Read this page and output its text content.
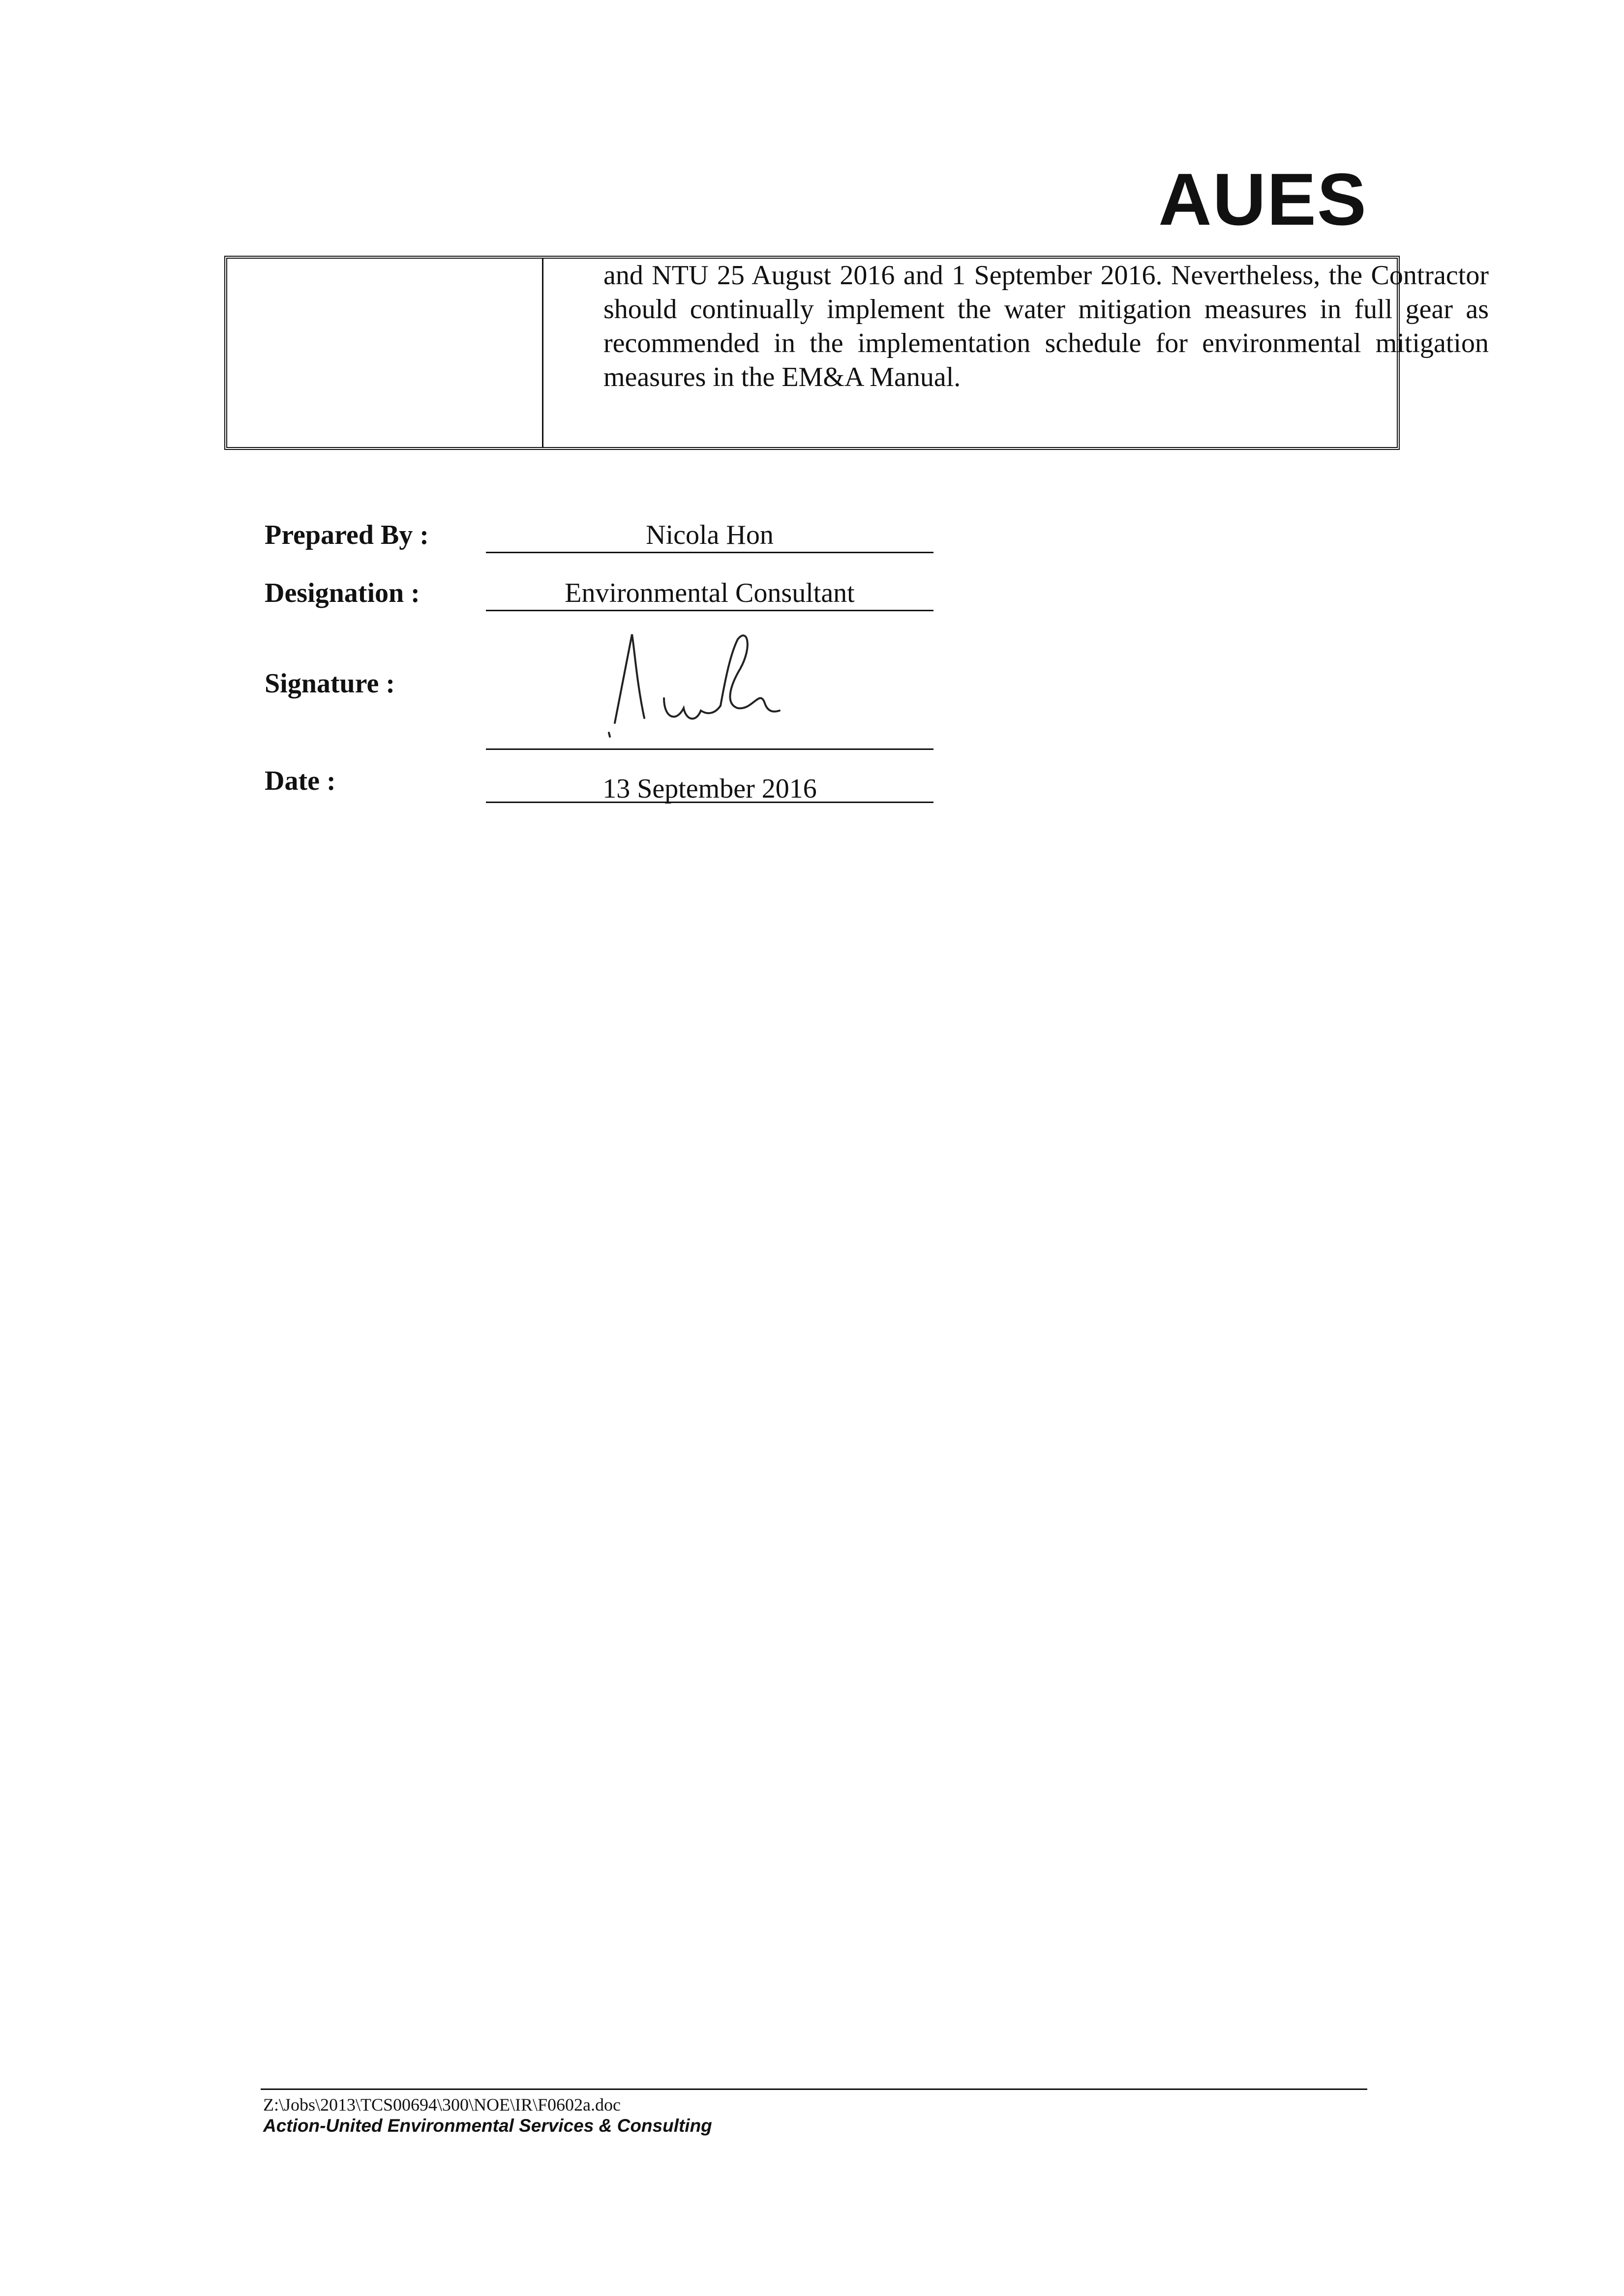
AUES
and NTU 25 August 2016 and 1 September 2016. Nevertheless, the Contractor should continually implement the water mitigation measures in full gear as recommended in the implementation schedule for environmental mitigation measures in the EM&A Manual.
Prepared By :	Nicola Hon
Designation :	Environmental Consultant
Signature :
Date :	13 September 2016
Z:\Jobs\2013\TCS00694\300\NOE\IR\F0602a.doc
Action-United Environmental Services & Consulting
